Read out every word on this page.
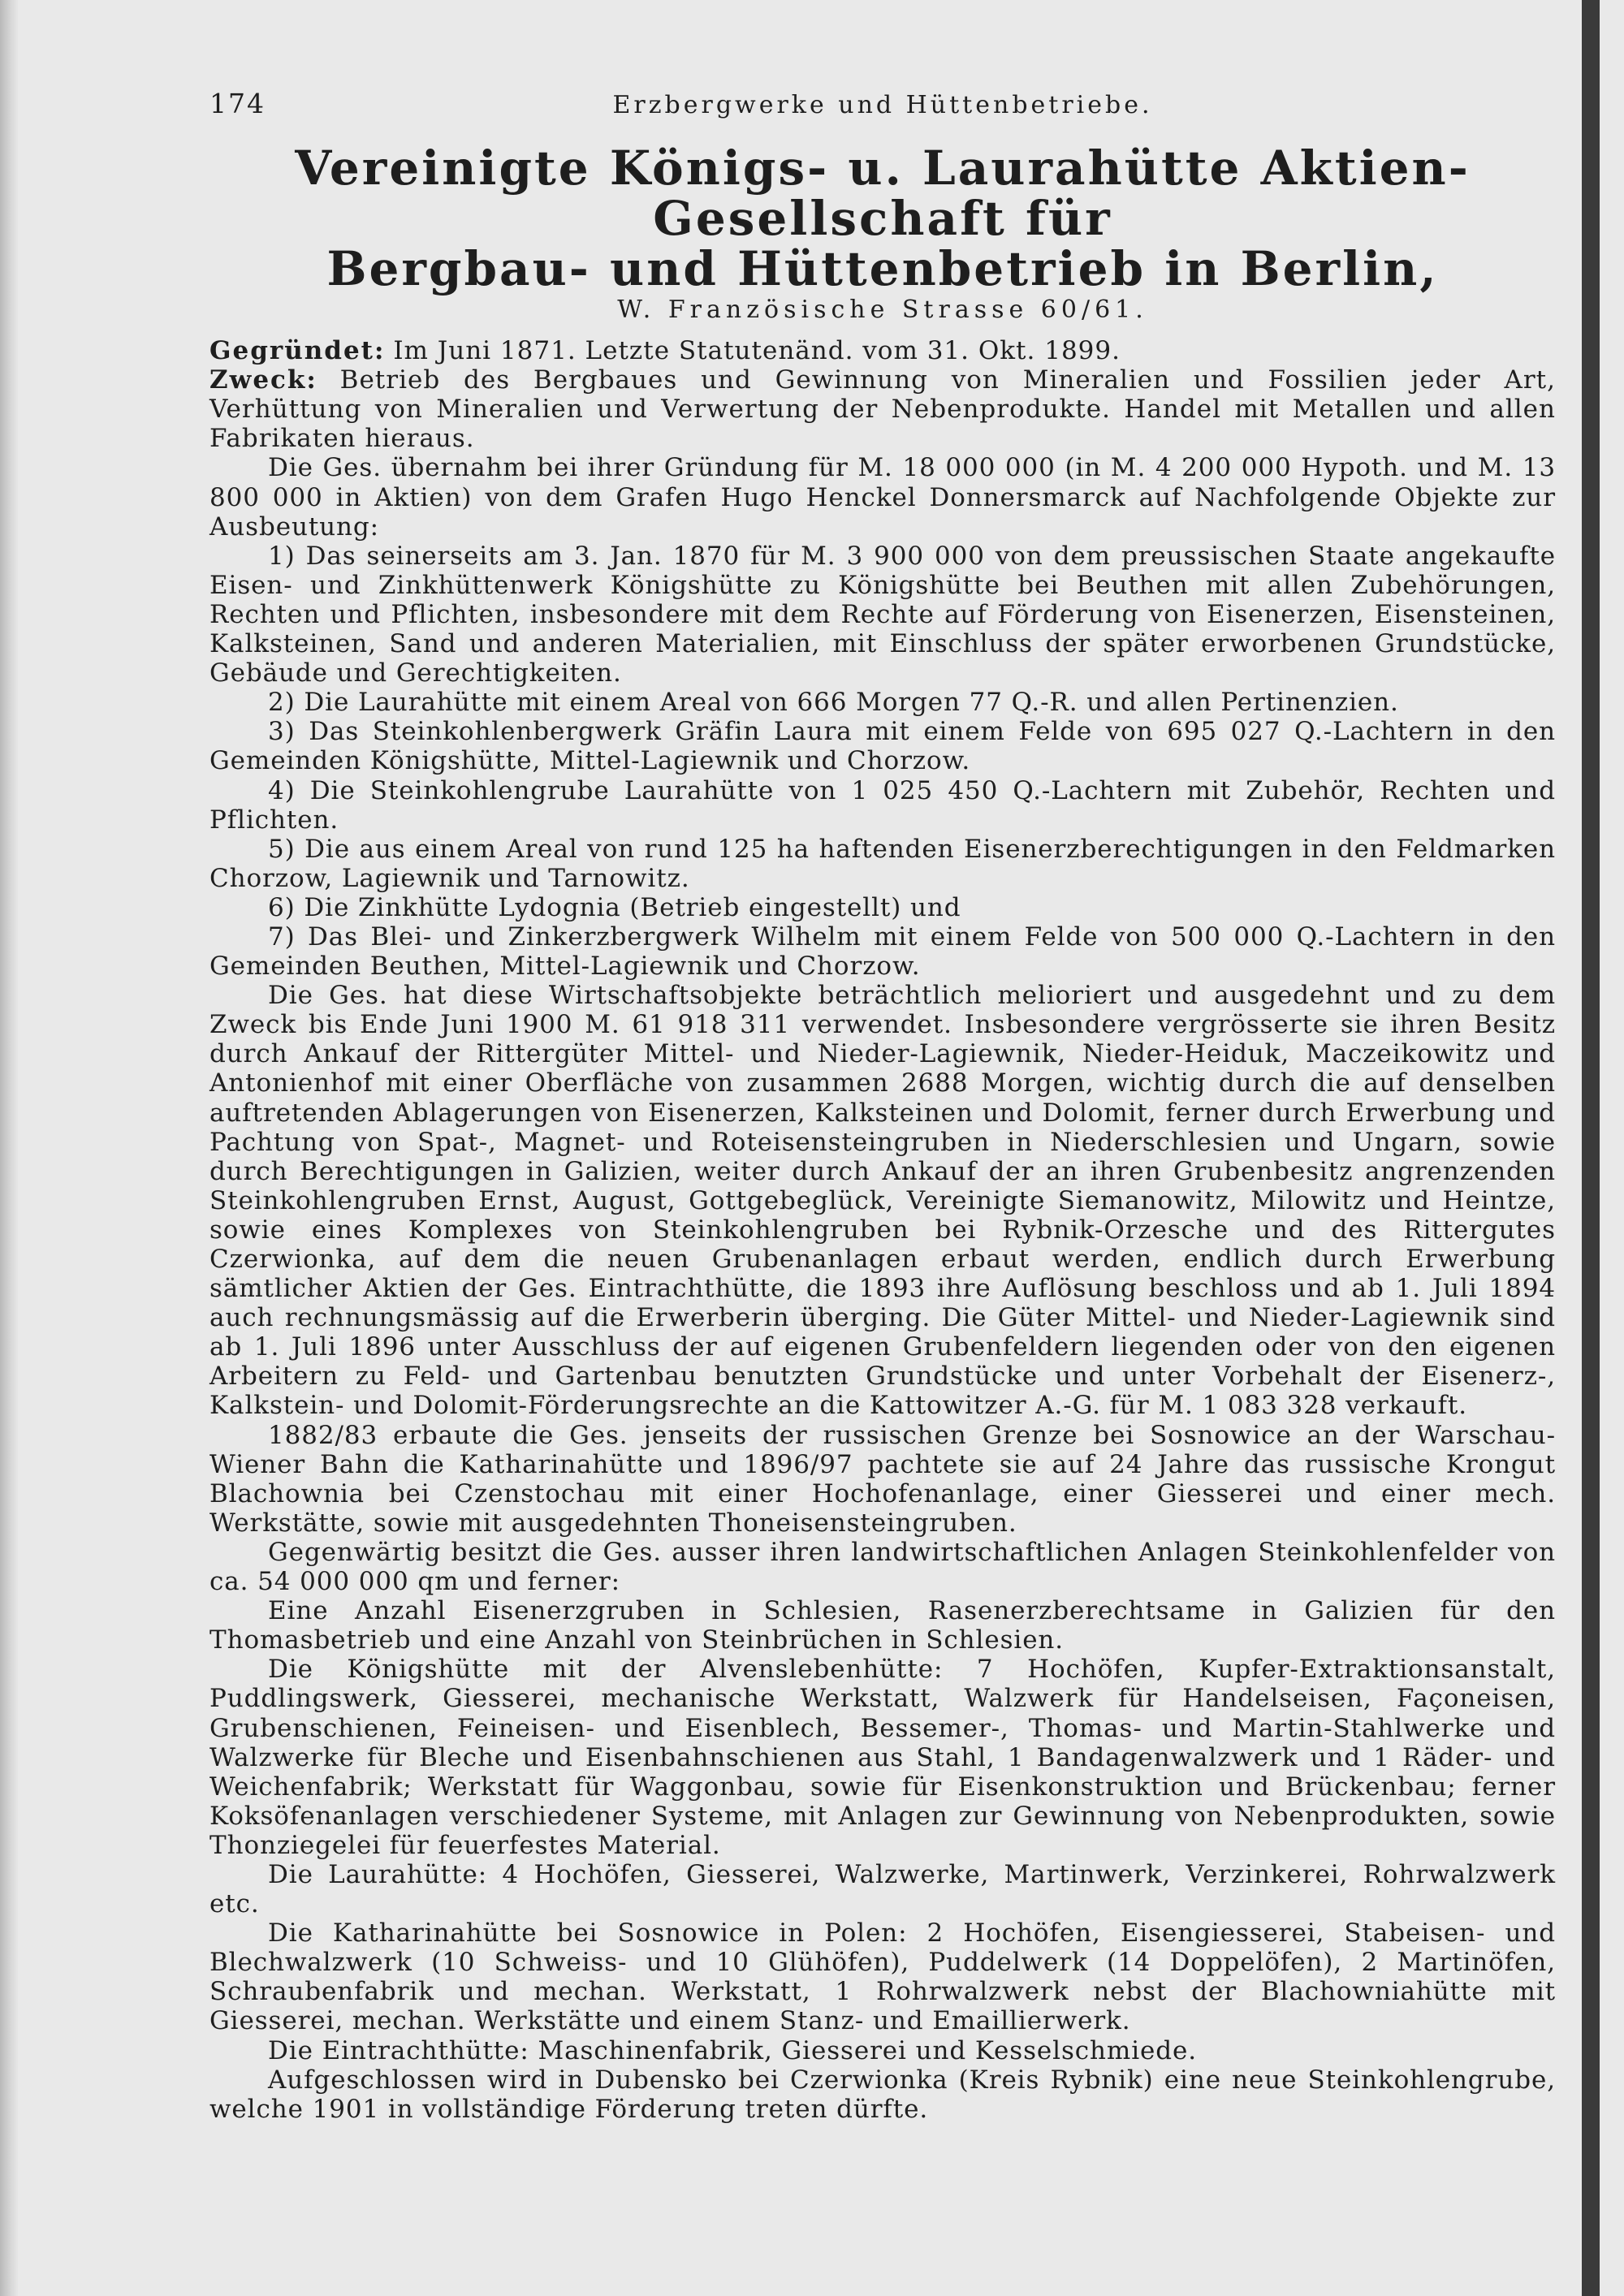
174	Erzbergwerke und Hüttenbetriebe.
Vereinigte Königs- u. Laurahütte Aktien-Gesellschaft für
Bergbau- und Hüttenbetrieb in Berlin,
W. Französische Strasse 60/61.

Gegründet: Im Juni 1871. Letzte Statutenänd. vom 31. Okt. 1899.

Zweck: Betrieb des Bergbaues und Gewinnung von Mineralien und Fossilien jeder Art, Verhüttung von Mineralien und Verwertung der Nebenprodukte. Handel mit Metallen und allen Fabrikaten hieraus.

Die Ges. übernahm bei ihrer Gründung für M. 18 000 000 (in M. 4 200 000 Hypoth. und M. 13 800 000 in Aktien) von dem Grafen Hugo Henckel Donnersmarck auf Nachfolgende Objekte zur Ausbeutung:

1) Das seinerseits am 3. Jan. 1870 für M. 3 900 000 von dem preussischen Staate angekaufte Eisen- und Zinkhüttenwerk Königshütte zu Königshütte bei Beuthen mit allen Zubehörungen, Rechten und Pflichten, insbesondere mit dem Rechte auf Förderung von Eisenerzen, Eisensteinen, Kalksteinen, Sand und anderen Materialien, mit Einschluss der später erworbenen Grundstücke, Gebäude und Gerechtigkeiten.

2) Die Laurahütte mit einem Areal von 666 Morgen 77 Q.-R. und allen Pertinenzien.

3) Das Steinkohlenbergwerk Gräfin Laura mit einem Felde von 695 027 Q.-Lachtern in den Gemeinden Königshütte, Mittel-Lagiewnik und Chorzow.

4) Die Steinkohlengrube Laurahütte von 1 025 450 Q.-Lachtern mit Zubehör, Rechten und Pflichten.

5) Die aus einem Areal von rund 125 ha haftenden Eisenerzberechtigungen in den Feldmarken Chorzow, Lagiewnik und Tarnowitz.

6) Die Zinkhütte Lydognia (Betrieb eingestellt) und

7) Das Blei- und Zinkerzbergwerk Wilhelm mit einem Felde von 500 000 Q.-Lachtern in den Gemeinden Beuthen, Mittel-Lagiewnik und Chorzow.

Die Ges. hat diese Wirtschaftsobjekte beträchtlich melioriert und ausgedehnt und zu dem Zweck bis Ende Juni 1900 M. 61 918 311 verwendet. Insbesondere vergrösserte sie ihren Besitz durch Ankauf der Rittergüter Mittel- und Nieder-Lagiewnik, Nieder-Heiduk, Maczeikowitz und Antonienhof mit einer Oberfläche von zusammen 2688 Morgen, wichtig durch die auf denselben auftretenden Ablagerungen von Eisenerzen, Kalksteinen und Dolomit, ferner durch Erwerbung und Pachtung von Spat-, Magnet- und Roteisensteingruben in Niederschlesien und Ungarn, sowie durch Berechtigungen in Galizien, weiter durch Ankauf der an ihren Grubenbesitz angrenzenden Steinkohlengruben Ernst, August, Gottgebeglück, Vereinigte Siemanowitz, Milowitz und Heintze, sowie eines Komplexes von Steinkohlengruben bei Rybnik-Orzesche und des Rittergutes Czerwionka, auf dem die neuen Grubenanlagen erbaut werden, endlich durch Erwerbung sämtlicher Aktien der Ges. Eintrachthütte, die 1893 ihre Auflösung beschloss und ab 1. Juli 1894 auch rechnungsmässig auf die Erwerberin überging. Die Güter Mittel- und Nieder-Lagiewnik sind ab 1. Juli 1896 unter Ausschluss der auf eigenen Grubenfeldern liegenden oder von den eigenen Arbeitern zu Feld- und Gartenbau benutzten Grundstücke und unter Vorbehalt der Eisenerz-, Kalkstein- und Dolomit-Förderungsrechte an die Kattowitzer A.-G. für M. 1 083 328 verkauft.

1882/83 erbaute die Ges. jenseits der russischen Grenze bei Sosnowice an der Warschau-Wiener Bahn die Katharinahütte und 1896/97 pachtete sie auf 24 Jahre das russische Krongut Blachownia bei Czenstochau mit einer Hochofenanlage, einer Giesserei und einer mech. Werkstätte, sowie mit ausgedehnten Thoneisensteingruben.

Gegenwärtig besitzt die Ges. ausser ihren landwirtschaftlichen Anlagen Steinkohlenfelder von ca. 54 000 000 qm und ferner:

Eine Anzahl Eisenerzgruben in Schlesien, Rasenerzberechtsame in Galizien für den Thomasbetrieb und eine Anzahl von Steinbrüchen in Schlesien.

Die Königshütte mit der Alvenslebenhütte: 7 Hochöfen, Kupfer-Extraktionsanstalt, Puddlingswerk, Giesserei, mechanische Werkstatt, Walzwerk für Handelseisen, Façoneisen, Grubenschienen, Feineisen- und Eisenblech, Bessemer-, Thomas- und Martin-Stahlwerke und Walzwerke für Bleche und Eisenbahnschienen aus Stahl, 1 Bandagenwalzwerk und 1 Räder- und Weichenfabrik; Werkstatt für Waggonbau, sowie für Eisenkonstruktion und Brückenbau; ferner Koksöfenanlagen verschiedener Systeme, mit Anlagen zur Gewinnung von Nebenprodukten, sowie Thonziegelei für feuerfestes Material.

Die Laurahütte: 4 Hochöfen, Giesserei, Walzwerke, Martinwerk, Verzinkerei, Rohrwalzwerk etc.

Die Katharinahütte bei Sosnowice in Polen: 2 Hochöfen, Eisengiesserei, Stabeisen- und Blechwalzwerk (10 Schweiss- und 10 Glühöfen), Puddelwerk (14 Doppelöfen), 2 Martinöfen, Schraubenfabrik und mechan. Werkstatt, 1 Rohrwalzwerk nebst der Blachowniahütte mit Giesserei, mechan. Werkstätte und einem Stanz- und Emaillierwerk.

Die Eintrachthütte: Maschinenfabrik, Giesserei und Kesselschmiede.

Aufgeschlossen wird in Dubensko bei Czerwionka (Kreis Rybnik) eine neue Steinkohlengrube, welche 1901 in vollständige Förderung treten dürfte.
